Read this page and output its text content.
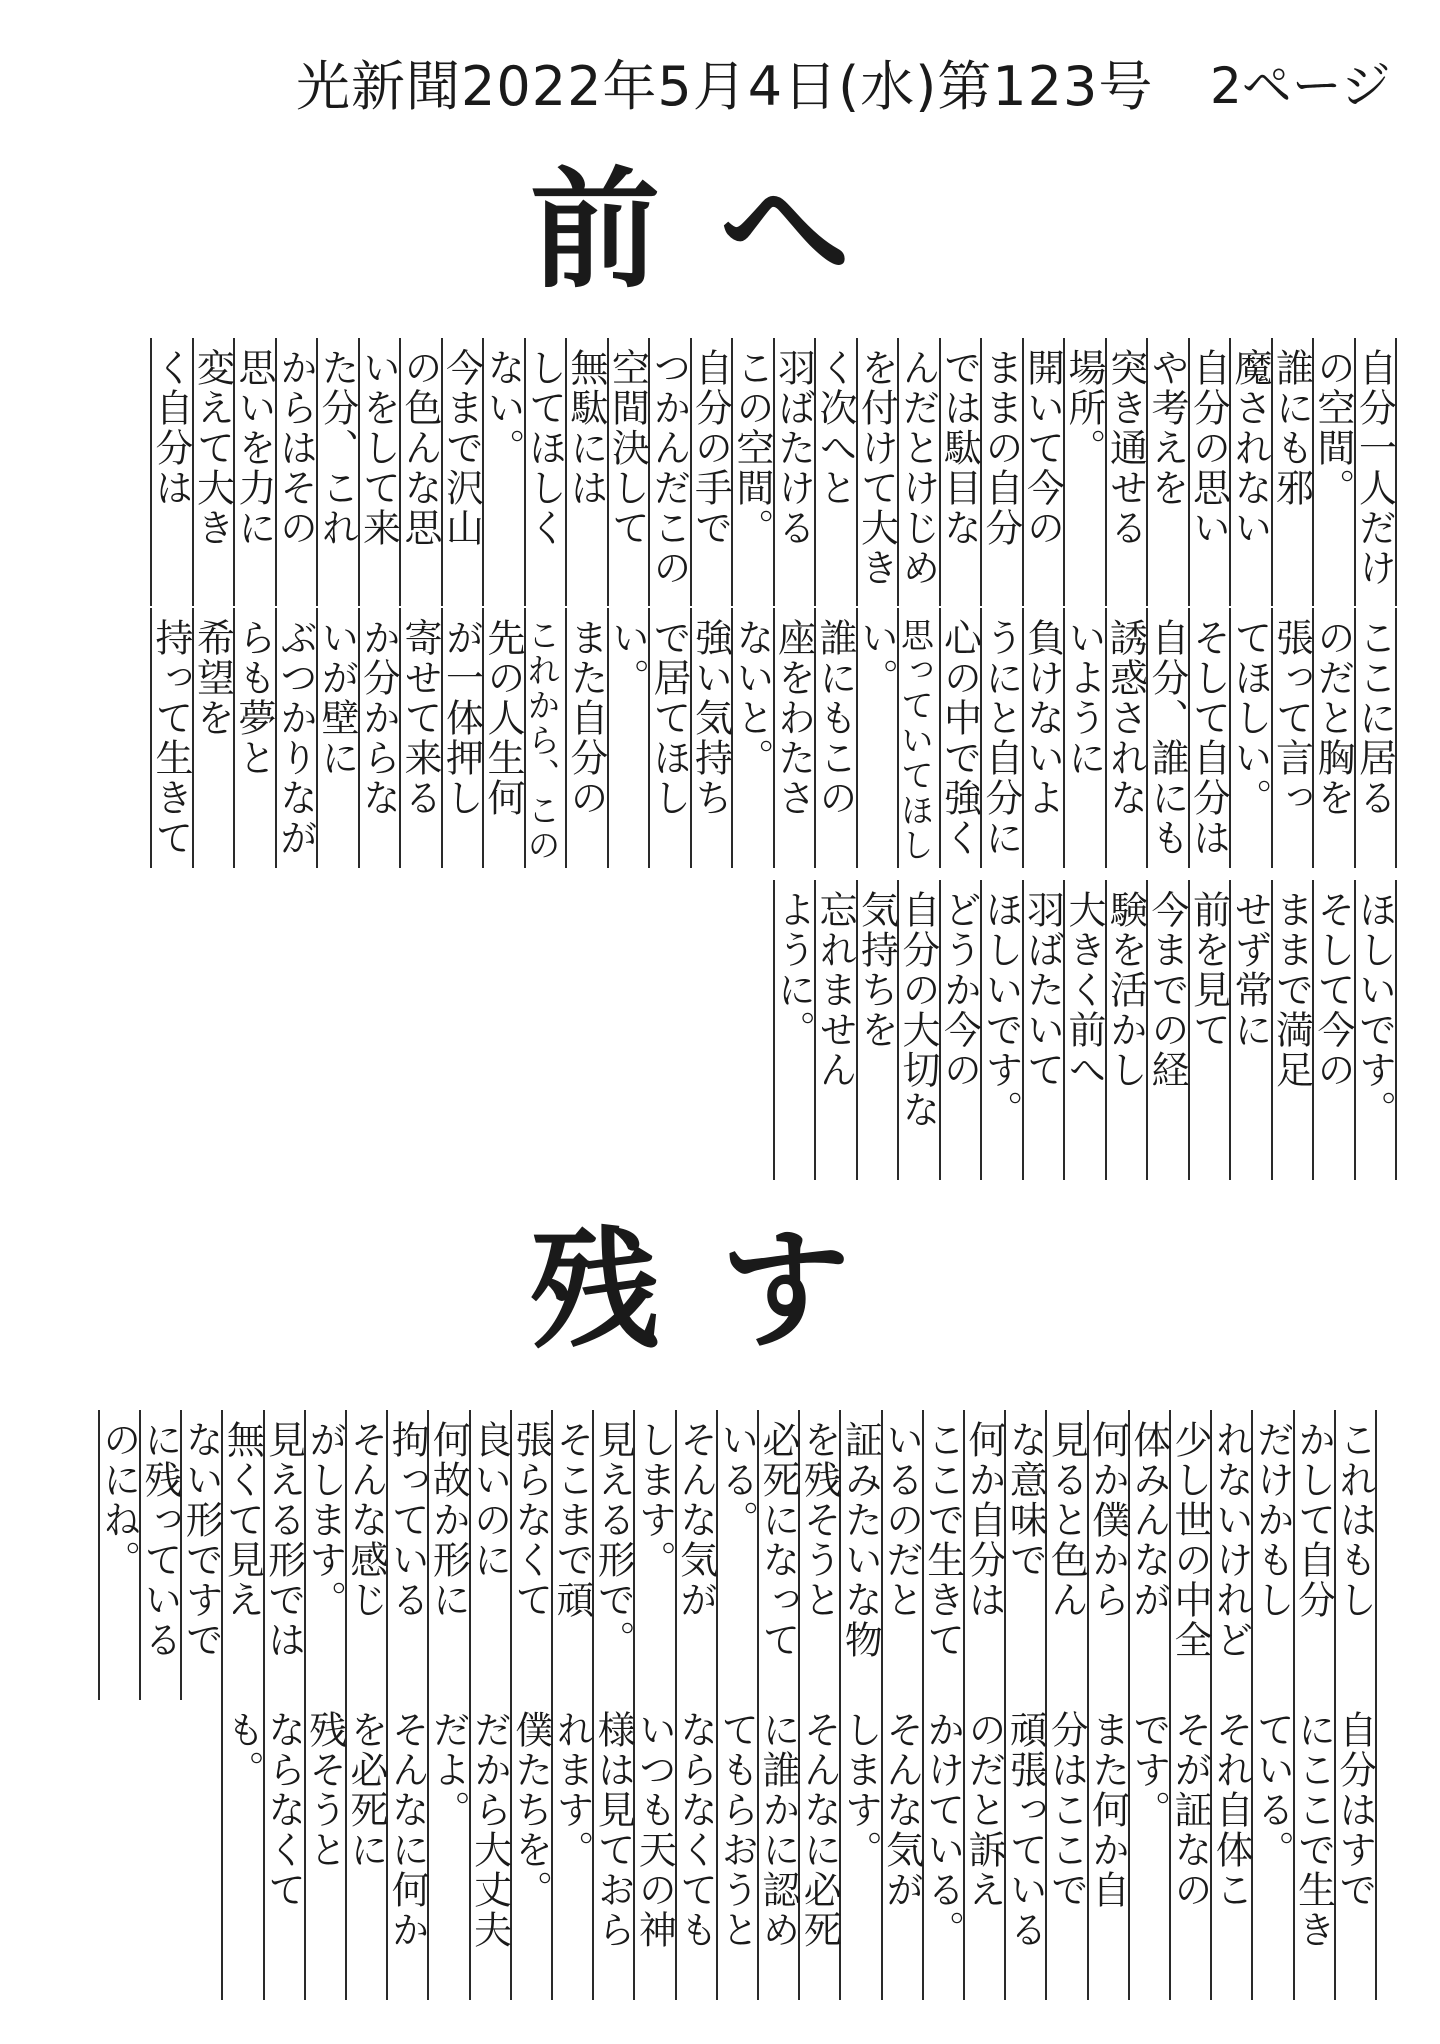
光新聞2022年5月4日(水)第123号 2ページ
前へ
自分一人だけ
の空間。
誰にも邪
魔されない
自分の思い
や考えを
突き通せる
場所。
開いて今の
ままの自分
では駄目な
んだとけじめ
を付けて大き
く次へと
羽ばたける
この空間。
自分の手で
つかんだこの
空間決して
無駄には
してほしく
ない。
今まで沢山
の色んな思
いをして来
た分、これ
からはその
思いを力に
変えて大き
く自分は
ここに居る
のだと胸を
張って言っ
てほしい。
そして自分は
自分、誰にも
誘惑されな
いように
負けないよ
うにと自分に
心の中で強く
思っていてほし
い。
誰にもこの
座をわたさ
ないと。
強い気持ち
で居てほし
い。
また自分の
これから、この
先の人生何
が一体押し
寄せて来る
か分からな
いが壁に
ぶつかりなが
らも夢と
希望を
持って生きて
ほしいです。
そして今の
ままで満足
せず常に
前を見て
今までの経
験を活かし
大きく前へ
羽ばたいて
ほしいです。
どうか今の
自分の大切な
気持ちを
忘れません
ように。
残す
これはもし
かして自分
だけかもし
れないけれど
少し世の中全
体みんなが
何か僕から
見ると色ん
な意味で
何か自分は
ここで生きて
いるのだと
証みたいな物
を残そうと
必死になって
いる。
そんな気が
します。
見える形で。
そこまで頑
張らなくて
良いのに
何故か形に
拘っている
そんな感じ
がします。
見える形では
無くて見え
ない形ですで
に残っている
のにね。
自分はすで
にここで生き
ている。
それ自体こ
そが証なの
です。
また何か自
分はここで
頑張っている
のだと訴え
かけている。
そんな気が
します。
そんなに必死
に誰かに認め
てもらおうと
ならなくても
いつも天の神
様は見ておら
れます。
僕たちを。
だから大丈夫
だよ。
そんなに何か
を必死に
残そうと
ならなくて
も。
